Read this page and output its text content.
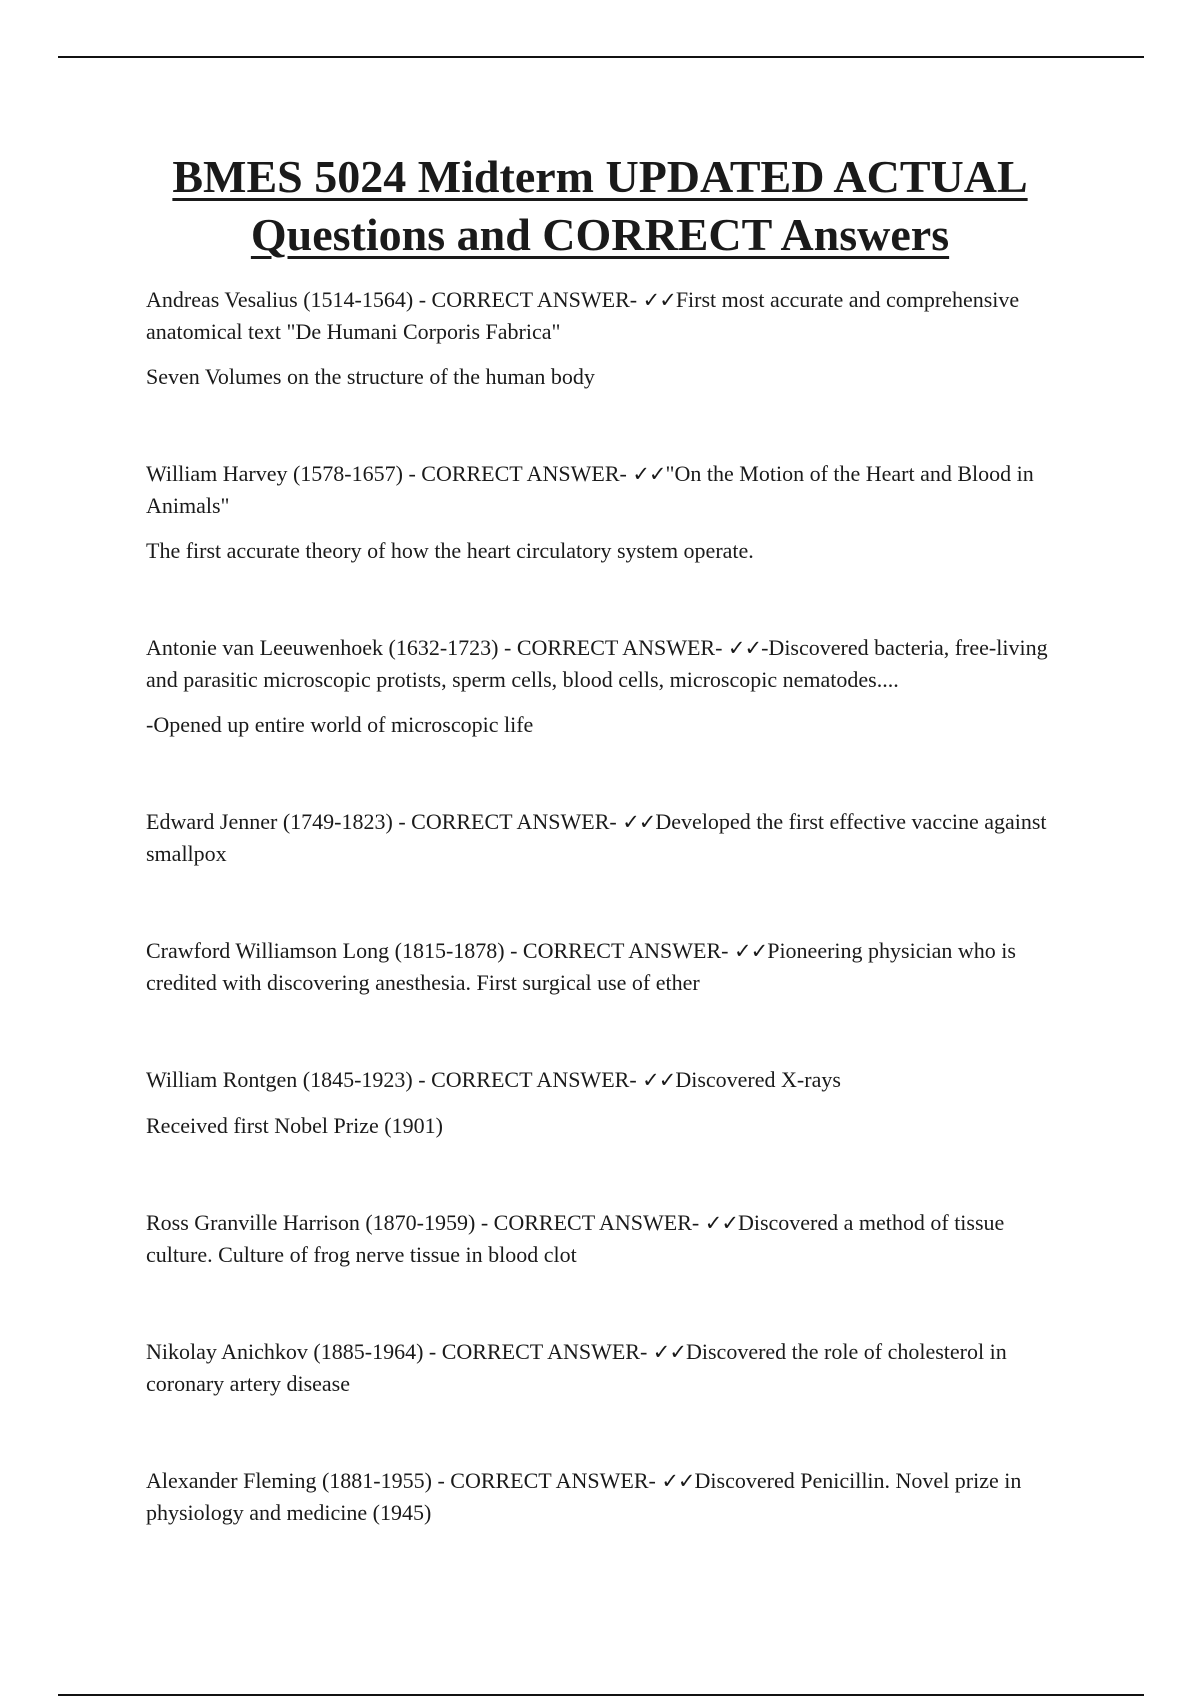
BMES 5024 Midterm UPDATED ACTUAL
Questions and CORRECT Answers

Andreas Vesalius (1514-1564) - CORRECT ANSWER- ✓✓First most accurate and comprehensive anatomical text "De Humani Corporis Fabrica"

Seven Volumes on the structure of the human body

William Harvey (1578-1657) - CORRECT ANSWER- ✓✓"On the Motion of the Heart and Blood in Animals"

The first accurate theory of how the heart circulatory system operate.

Antonie van Leeuwenhoek (1632-1723) - CORRECT ANSWER- ✓✓-Discovered bacteria, free-living and parasitic microscopic protists, sperm cells, blood cells, microscopic nematodes....

-Opened up entire world of microscopic life

Edward Jenner (1749-1823) - CORRECT ANSWER- ✓✓Developed the first effective vaccine against smallpox

Crawford Williamson Long (1815-1878) - CORRECT ANSWER- ✓✓Pioneering physician who is credited with discovering anesthesia. First surgical use of ether

William Rontgen (1845-1923) - CORRECT ANSWER- ✓✓Discovered X-rays

Received first Nobel Prize (1901)

Ross Granville Harrison (1870-1959) - CORRECT ANSWER- ✓✓Discovered a method of tissue culture. Culture of frog nerve tissue in blood clot

Nikolay Anichkov (1885-1964) - CORRECT ANSWER- ✓✓Discovered the role of cholesterol in coronary artery disease

Alexander Fleming (1881-1955) - CORRECT ANSWER- ✓✓Discovered Penicillin. Novel prize in physiology and medicine (1945)
